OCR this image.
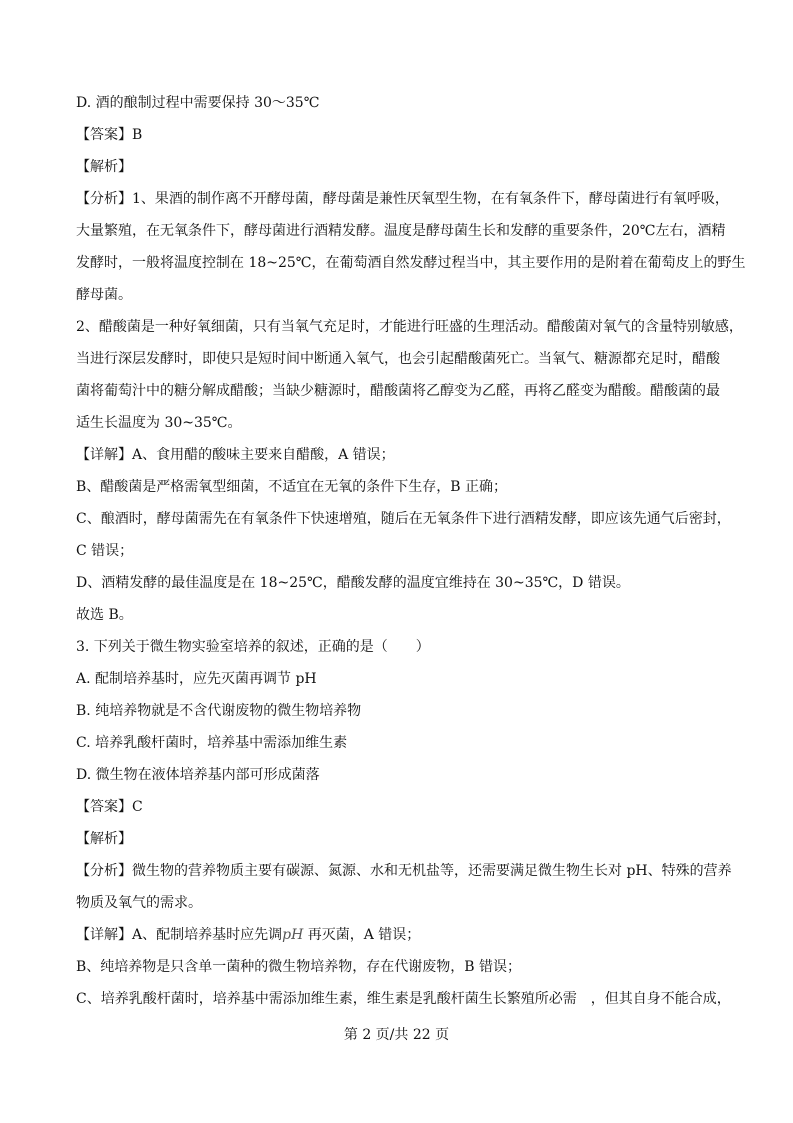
D. 酒的酿制过程中需要保持 30～35℃
【答案】B
【解析】
【分析】1、果酒的制作离不开酵母菌，酵母菌是兼性厌氧型生物，在有氧条件下，酵母菌进行有氧呼吸，
大量繁殖，在无氧条件下，酵母菌进行酒精发酵。温度是酵母菌生长和发酵的重要条件，20℃左右，酒精
发酵时，一般将温度控制在 18~25℃，在葡萄酒自然发酵过程当中，其主要作用的是附着在葡萄皮上的野生
酵母菌。
2、醋酸菌是一种好氧细菌，只有当氧气充足时，才能进行旺盛的生理活动。醋酸菌对氧气的含量特别敏感，
当进行深层发酵时，即使只是短时间中断通入氧气，也会引起醋酸菌死亡。当氧气、糖源都充足时，醋酸
菌将葡萄汁中的糖分解成醋酸；当缺少糖源时，醋酸菌将乙醇变为乙醛，再将乙醛变为醋酸。醋酸菌的最
适生长温度为 30~35℃。
【详解】A、食用醋的酸味主要来自醋酸，A 错误；
B、醋酸菌是严格需氧型细菌，不适宜在无氧的条件下生存，B 正确；
C、酿酒时，酵母菌需先在有氧条件下快速增殖，随后在无氧条件下进行酒精发酵，即应该先通气后密封，
C 错误；
D、酒精发酵的最佳温度是在 18~25℃，醋酸发酵的温度宜维持在 30~35℃，D 错误。
故选 B。
3. 下列关于微生物实验室培养的叙述，正确的是（　　）
A. 配制培养基时，应先灭菌再调节 pH
B. 纯培养物就是不含代谢废物的微生物培养物
C. 培养乳酸杆菌时，培养基中需添加维生素
D. 微生物在液体培养基内部可形成菌落
【答案】C
【解析】
【分析】微生物的营养物质主要有碳源、氮源、水和无机盐等，还需要满足微生物生长对 pH、特殊的营养
物质及氧气的需求。
【详解】A、配制培养基时应先调pH 再灭菌，A 错误；
B、纯培养物是只含单一菌种的微生物培养物，存在代谢废物，B 错误；
C、培养乳酸杆菌时，培养基中需添加维生素，维生素是乳酸杆菌生长繁殖所必需　，但其自身不能合成，
第 2 页/共 22 页
